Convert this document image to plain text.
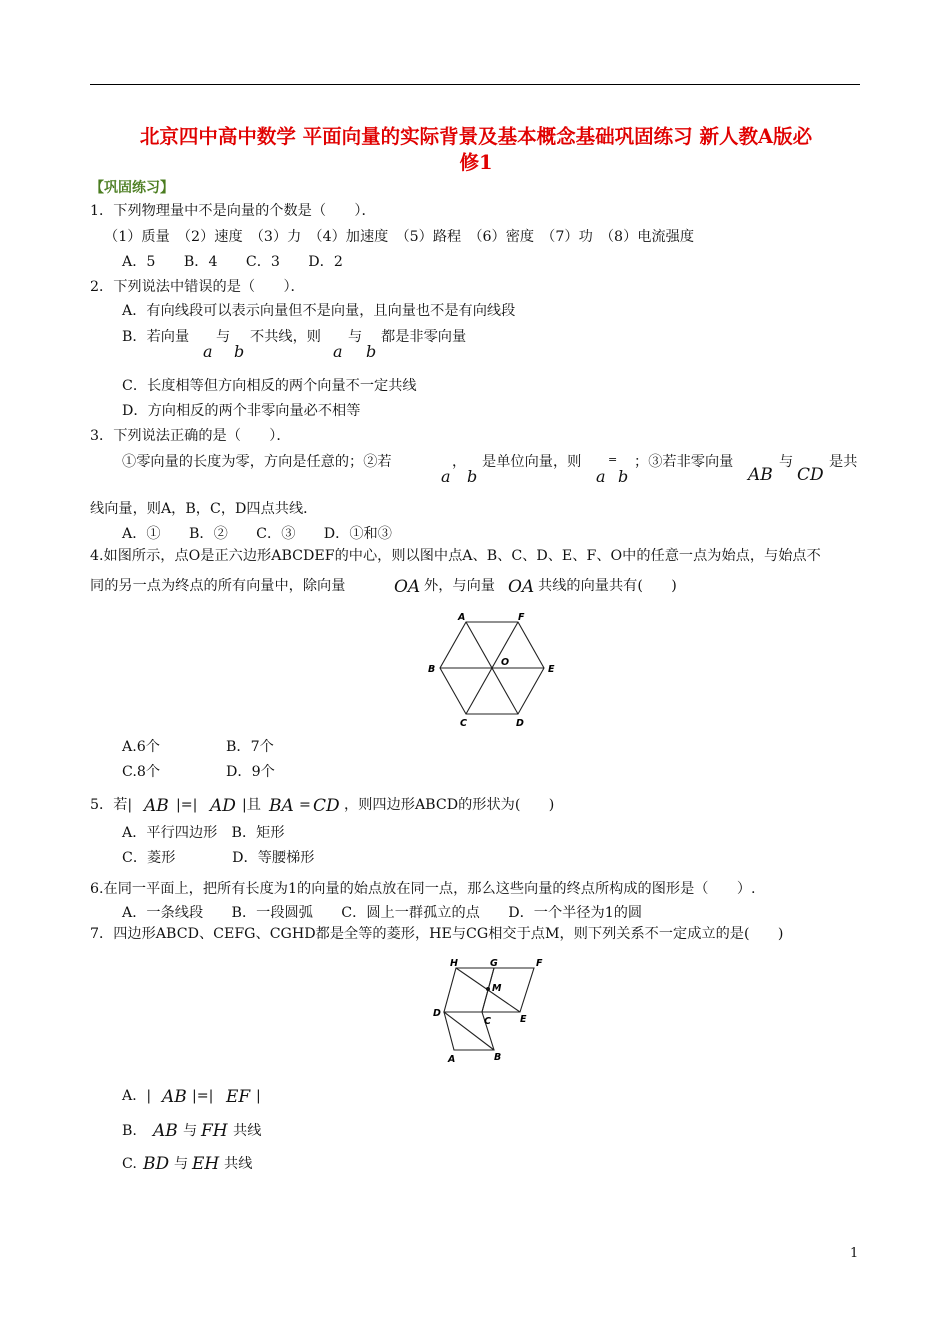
北京四中高中数学 平面向量的实际背景及基本概念基础巩固练习 新人教A版必
修1
【巩固练习】
1．下列物理量中不是向量的个数是（　　）．
（1）质量　（2）速度　（3）力　（4）加速度　（5）路程　（6）密度　（7）功　（8）电流强度
A．5　　B．4　　C．3　　D．2
2．下列说法中错误的是（　　）．
A．有向线段可以表示向量但不是向量，且向量也不是有向线段
B．若向量
a
与
b
不共线，则
a
与
b
都是非零向量
C．长度相等但方向相反的两个向量不一定共线
D．方向相反的两个非零向量必不相等
3．下列说法正确的是（　　）．
①零向量的长度为零，方向是任意的；②若
a
，
b
是单位向量，则
a
=
b
；③若非零向量
AB
与
CD
是共
线向量，则A，B，C，D四点共线．
A．①　　B．②　　C．③　　D．①和③
4.如图所示，点O是正六边形ABCDEF的中心，则以图中点A、B、C、D、E、F、O中的任意一点为始点，与始点不
同的另一点为终点的所有向量中，除向量	OA 外，与向量 OA 共线的向量共有(　　)
A	F
B
O
E
C	D
A.6个	B．7个
C.8个	D．9个
5．若| AB |=| AD |且 BA = CD ，则四边形ABCD的形状为(　　)
A．平行四边形　B．矩形
C．菱形　　　　D．等腰梯形
6.在同一平面上，把所有长度为1的向量的始点放在同一点，那么这些向量的终点所构成的图形是（　　）.
A．一条线段　　B．一段圆弧　　C．圆上一群孤立的点　　D．一个半径为1的圆
7．四边形ABCD、CEFG、CGHD都是全等的菱形，HE与CG相交于点M，则下列关系不一定成立的是(　　)
H	G	F
M
D
C	E
A	B
A．| AB |=| EF |
B. AB 与 FH 共线
C. BD 与 EH 共线
1
